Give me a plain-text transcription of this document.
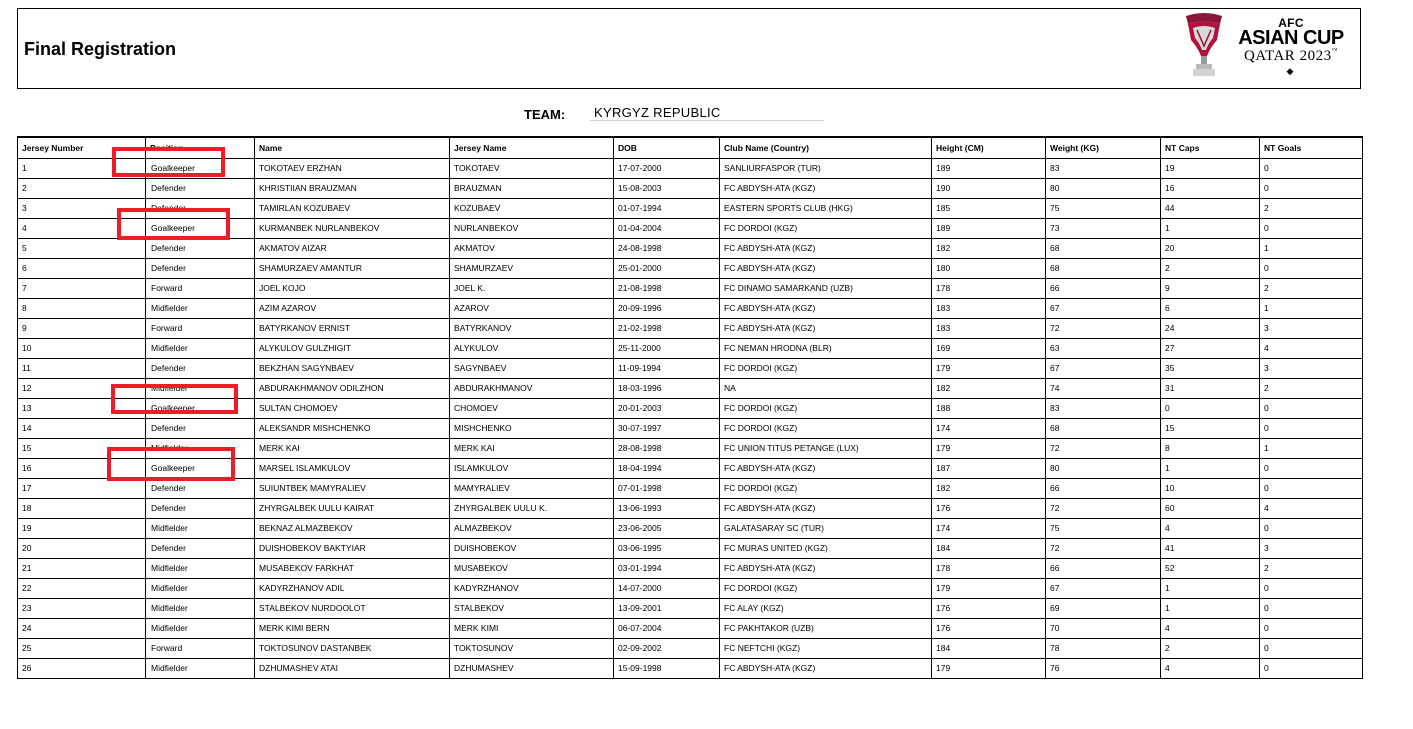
Final Registration
AFC
ASIAN CUP
QATAR 2023™
◆
TEAM: KYRGYZ REPUBLIC
Jersey Number	Position	Name	Jersey Name	DOB	Club Name (Country)	Height (CM)	Weight (KG)	NT Caps	NT Goals
1	Goalkeeper	TOKOTAEV ERZHAN	TOKOTAEV	17-07-2000	SANLIURFASPOR (TUR)	189	83	19	0
2	Defender	KHRISTIIAN BRAUZMAN	BRAUZMAN	15-08-2003	FC ABDYSH-ATA (KGZ)	190	80	16	0
3	Defender	TAMIRLAN KOZUBAEV	KOZUBAEV	01-07-1994	EASTERN SPORTS CLUB (HKG)	185	75	44	2
4	Goalkeeper	KURMANBEK NURLANBEKOV	NURLANBEKOV	01-04-2004	FC DORDOI (KGZ)	189	73	1	0
5	Defender	AKMATOV AIZAR	AKMATOV	24-08-1998	FC ABDYSH-ATA (KGZ)	182	68	20	1
6	Defender	SHAMURZAEV AMANTUR	SHAMURZAEV	25-01-2000	FC ABDYSH-ATA (KGZ)	180	68	2	0
7	Forward	JOEL KOJO	JOEL K.	21-08-1998	FC DINAMO SAMARKAND (UZB)	178	66	9	2
8	Midfielder	AZIM AZAROV	AZAROV	20-09-1996	FC ABDYSH-ATA (KGZ)	183	67	6	1
9	Forward	BATYRKANOV ERNIST	BATYRKANOV	21-02-1998	FC ABDYSH-ATA (KGZ)	183	72	24	3
10	Midfielder	ALYKULOV GULZHIGIT	ALYKULOV	25-11-2000	FC NEMAN HRODNA (BLR)	169	63	27	4
11	Defender	BEKZHAN SAGYNBAEV	SAGYNBAEV	11-09-1994	FC DORDOI (KGZ)	179	67	35	3
12	Midfielder	ABDURAKHMANOV ODILZHON	ABDURAKHMANOV	18-03-1996	NA	182	74	31	2
13	Goalkeeper	SULTAN CHOMOEV	CHOMOEV	20-01-2003	FC DORDOI (KGZ)	188	83	0	0
14	Defender	ALEKSANDR MISHCHENKO	MISHCHENKO	30-07-1997	FC DORDOI (KGZ)	174	68	15	0
15	Midfielder	MERK KAI	MERK KAI	28-08-1998	FC UNION TITUS PETANGE (LUX)	179	72	8	1
16	Goalkeeper	MARSEL ISLAMKULOV	ISLAMKULOV	18-04-1994	FC ABDYSH-ATA (KGZ)	187	80	1	0
17	Defender	SUIUNTBEK MAMYRALIEV	MAMYRALIEV	07-01-1998	FC DORDOI (KGZ)	182	66	10	0
18	Defender	ZHYRGALBEK UULU KAIRAT	ZHYRGALBEK UULU K.	13-06-1993	FC ABDYSH-ATA (KGZ)	176	72	60	4
19	Midfielder	BEKNAZ ALMAZBEKOV	ALMAZBEKOV	23-06-2005	GALATASARAY SC (TUR)	174	75	4	0
20	Defender	DUISHOBEKOV BAKTYIAR	DUISHOBEKOV	03-06-1995	FC MURAS UNITED (KGZ)	184	72	41	3
21	Midfielder	MUSABEKOV FARKHAT	MUSABEKOV	03-01-1994	FC ABDYSH-ATA (KGZ)	178	66	52	2
22	Midfielder	KADYRZHANOV ADIL	KADYRZHANOV	14-07-2000	FC DORDOI (KGZ)	179	67	1	0
23	Midfielder	STALBEKOV NURDOOLOT	STALBEKOV	13-09-2001	FC ALAY (KGZ)	176	69	1	0
24	Midfielder	MERK KIMI BERN	MERK KIMI	06-07-2004	FC PAKHTAKOR (UZB)	176	70	4	0
25	Forward	TOKTOSUNOV DASTANBEK	TOKTOSUNOV	02-09-2002	FC NEFTCHI (KGZ)	184	78	2	0
26	Midfielder	DZHUMASHEV ATAI	DZHUMASHEV	15-09-1998	FC ABDYSH-ATA (KGZ)	179	76	4	0
